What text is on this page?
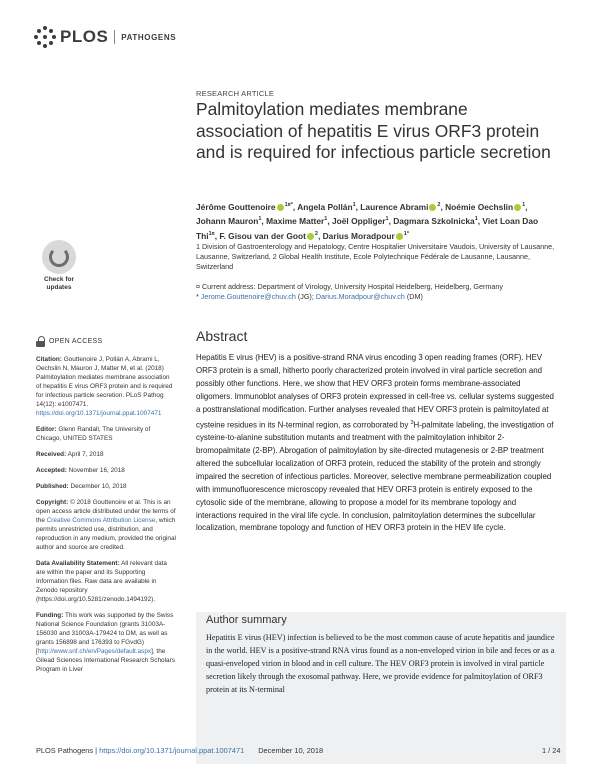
PLOS PATHOGENS
RESEARCH ARTICLE
Palmitoylation mediates membrane association of hepatitis E virus ORF3 protein and is required for infectious particle secretion
Jérôme Gouttenoire $^{1¤*}$, Angela Pollán$^1$, Laurence Abrami $^2$, Noémie Oechslin $^1$, Johann Mauron$^1$, Maxime Matter$^1$, Joël Oppliger$^1$, Dagmara Szkolnicka$^1$, Viet Loan Dao Thi$^{1¤}$, F. Gisou van der Goot $^2$, Darius Moradpour $^{1*}$
1 Division of Gastroenterology and Hepatology, Centre Hospitalier Universitaire Vaudois, University of Lausanne, Lausanne, Switzerland, 2 Global Health Institute, Ecole Polytechnique Fédérale de Lausanne, Lausanne, Switzerland
¤ Current address: Department of Virology, University Hospital Heidelberg, Heidelberg, Germany
* Jerome.Gouttenoire@chuv.ch (JG); Darius.Moradpour@chuv.ch (DM)
Check for
updates
OPEN ACCESS
Citation: Gouttenoire J, Pollán A, Abrami L, Oechslin N, Mauron J, Matter M, et al. (2018) Palmitoylation mediates membrane association of hepatitis E virus ORF3 protein and is required for infectious particle secretion. PLoS Pathog 14(12): e1007471. https://doi.org/10.1371/journal.ppat.1007471
Editor: Glenn Randall, The University of Chicago, UNITED STATES
Received: April 7, 2018
Accepted: November 16, 2018
Published: December 10, 2018
Copyright: © 2018 Gouttenoire et al. This is an open access article distributed under the terms of the Creative Commons Attribution License, which permits unrestricted use, distribution, and reproduction in any medium, provided the original author and source are credited.
Data Availability Statement: All relevant data are within the paper and its Supporting Information files. Raw data are available in Zenodo repository (https://doi.org/10.5281/zenodo.1494192).
Funding: This work was supported by the Swiss National Science Foundation (grants 31003A-156030 and 31003A-179424 to DM, as well as grants 156898 and 176393 to FGvdG) [http://www.snf.ch/en/Pages/default.aspx], the Gilead Sciences International Research Scholars Program in Liver
Abstract
Hepatitis E virus (HEV) is a positive-strand RNA virus encoding 3 open reading frames (ORF). HEV ORF3 protein is a small, hitherto poorly characterized protein involved in viral particle secretion and possibly other functions. Here, we show that HEV ORF3 protein forms membrane-associated oligomers. Immunoblot analyses of ORF3 protein expressed in cell-free vs. cellular systems suggested a posttranslational modification. Further analyses revealed that HEV ORF3 protein is palmitoylated at cysteine residues in its N-terminal region, as corroborated by $^3$H-palmitate labeling, the investigation of cysteine-to-alanine substitution mutants and treatment with the palmitoylation inhibitor 2-bromopalmitate (2-BP). Abrogation of palmitoylation by site-directed mutagenesis or 2-BP treatment altered the subcellular localization of ORF3 protein, reduced the stability of the protein and strongly impaired the secretion of infectious particles. Moreover, selective membrane permeabilization coupled with immunofluorescence microscopy revealed that HEV ORF3 protein is entirely exposed to the cytosolic side of the membrane, allowing to propose a model for its membrane topology and interactions required in the viral life cycle. In conclusion, palmitoylation determines the subcellular localization, membrane topology and function of HEV ORF3 protein in the HEV life cycle.
Author summary
Hepatitis E virus (HEV) infection is believed to be the most common cause of acute hepatitis and jaundice in the world. HEV is a positive-strand RNA virus found as a non-enveloped virion in bile and feces or as a quasi-enveloped virion in blood and in cell culture. The HEV ORF3 protein is involved in viral particle secretion likely through the exosomal pathway. Here, we provide evidence for palmitoylation of ORF3 protein at its N-terminal
PLOS Pathogens | https://doi.org/10.1371/journal.ppat.1007471 December 10, 2018	1 / 24
